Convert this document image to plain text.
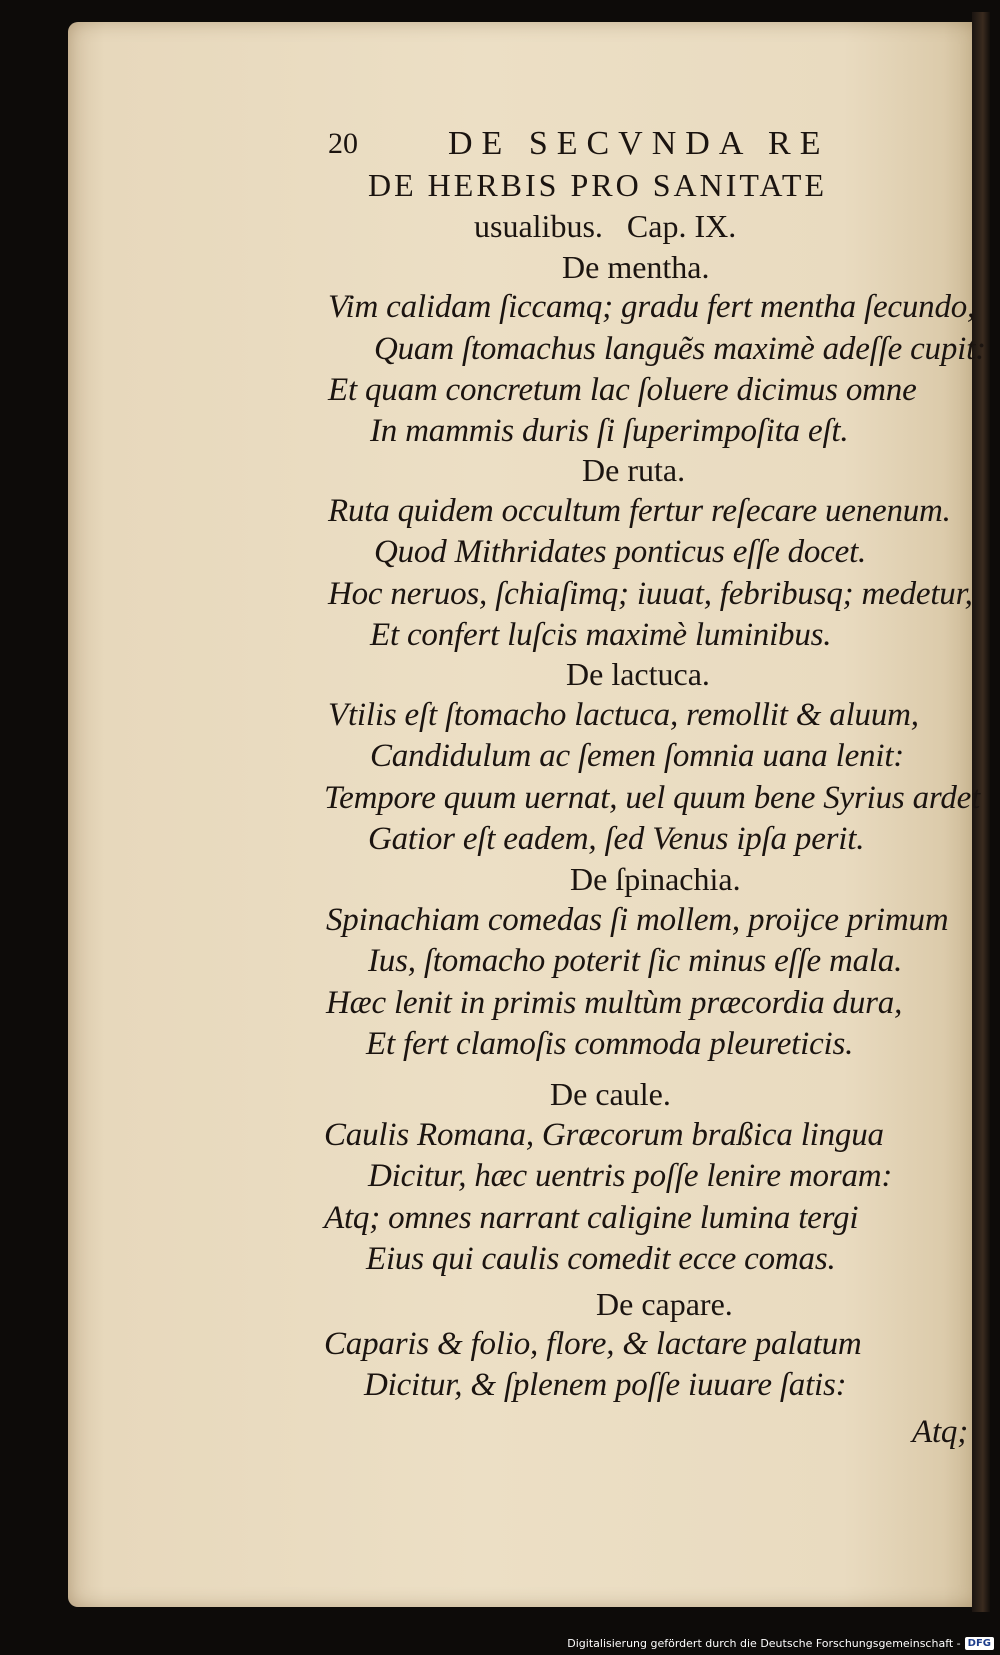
20	DE SECVNDA RE
DE HERBIS PRO SANITATE
usualibus.   Cap. IX.
De mentha.
Vim calidam ſiccamq; gradu fert mentha ſecundo,
Quam ſtomachus languẽs maximè adeſſe cupit:
Et quam concretum lac ſoluere dicimus omne
In mammis duris ſi ſuperimpoſita eſt.
De ruta.
Ruta quidem occultum fertur reſecare uenenum.
Quod Mithridates ponticus eſſe docet.
Hoc neruos, ſchiaſimq; iuuat, febribusq; medetur,
Et confert luſcis maximè luminibus.
De lactuca.
Vtilis eſt ſtomacho lactuca, remollit & aluum,
Candidulum ac ſemen ſomnia uana lenit:
Tempore quum uernat, uel quum bene Syrius ardet
Gatior eſt eadem, ſed Venus ipſa perit.
De ſpinachia.
Spinachiam comedas ſi mollem, proijce primum
Ius, ſtomacho poterit ſic minus eſſe mala.
Hæc lenit in primis multùm præcordia dura,
Et fert clamoſis commoda pleureticis.
De caule.
Caulis Romana, Græcorum braßica lingua
Dicitur, hæc uentris poſſe lenire moram:
Atq; omnes narrant caligine lumina tergi
Eius qui caulis comedit ecce comas.
De capare.
Caparis & folio, flore, & lactare palatum
Dicitur, & ſplenem poſſe iuuare ſatis:
Atq;
Digitalisierung gefördert durch die Deutsche Forschungsgemeinschaft - DFG
